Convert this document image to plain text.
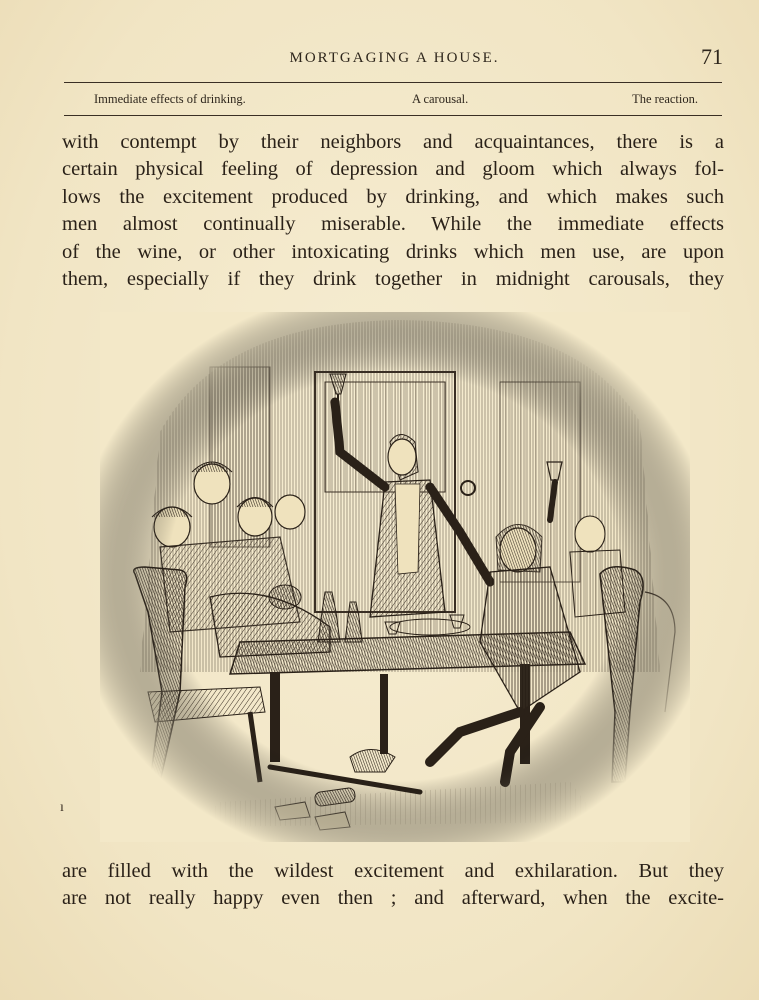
MORTGAGING A HOUSE.	71
Immediate effects of drinking.	A carousal.	The reaction.
with contempt by their neighbors and acquaintances, there is a
certain physical feeling of depression and gloom which always fol-
lows the excitement produced by drinking, and which makes such
men almost continually miserable. While the immediate effects
of the wine, or other intoxicating drinks which men use, are upon
them, especially if they drink together in midnight carousals, they
ı
are filled with the wildest excitement and exhilaration. But they
are not really happy even then ; and afterward, when the excite-
